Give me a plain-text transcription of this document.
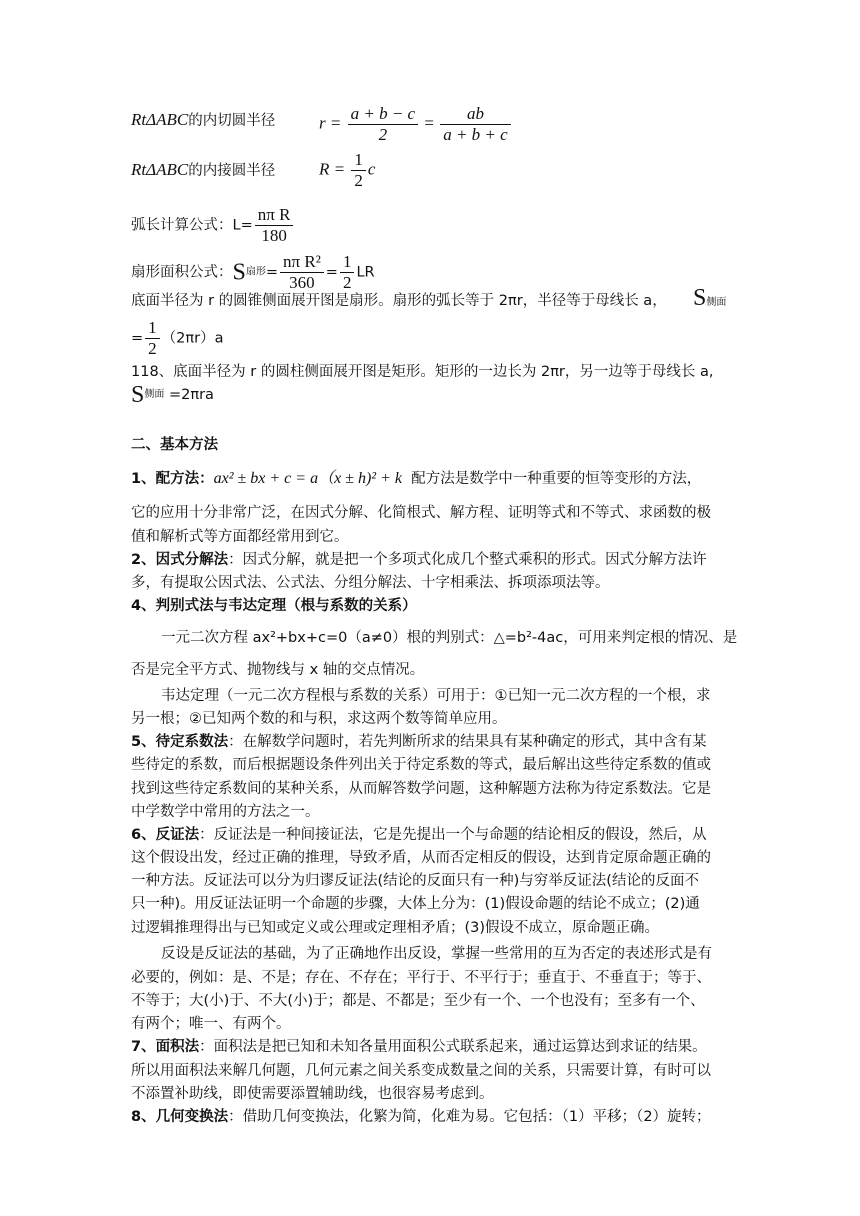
RtΔABC的内切圆半径	$r = \frac{a + b - c}{2} = \frac{ab}{a + b + c}$
RtΔABC的内接圆半径	$R = \frac{1}{2}$ c
弧长计算公式：$L= \frac{\text{nπ R}}{180}$
扇形面积公式：S扇形= $\frac{\text{nπ R²}}{360} = \frac{1}{2}$ LR
底面半径为 r 的圆锥侧面展开图是扇形。扇形的弧长等于 2πr，半径等于母线长 a， S侧面
= $\frac{1}{2} (2\pi r)a$
118、底面半径为 r 的圆柱侧面展开图是矩形。矩形的一边长为 2πr，另一边等于母线长 a,
S侧面 =2πra
二、基本方法
1、配方法：ax² ± bx + c = a（x ± h)² + k 配方法是数学中一种重要的恒等变形的方法，
它的应用十分非常广泛，在因式分解、化简根式、解方程、证明等式和不等式、求函数的极
值和解析式等方面都经常用到它。
2、因式分解法：因式分解，就是把一个多项式化成几个整式乘积的形式。因式分解方法许
多，有提取公因式法、公式法、分组分解法、十字相乘法、拆项添项法等。
4、判别式法与韦达定理（根与系数的关系）
一元二次方程 ax²+bx+c=0（a≠0）根的判别式：△=b²-4ac，可用来判定根的情况、是
否是完全平方式、抛物线与 x 轴的交点情况。
韦达定理（一元二次方程根与系数的关系）可用于：①已知一元二次方程的一个根，求
另一根；②已知两个数的和与积，求这两个数等简单应用。
5、待定系数法：在解数学问题时，若先判断所求的结果具有某种确定的形式，其中含有某
些待定的系数，而后根据题设条件列出关于待定系数的等式，最后解出这些待定系数的值或
找到这些待定系数间的某种关系，从而解答数学问题，这种解题方法称为待定系数法。它是
中学数学中常用的方法之一。
6、反证法：反证法是一种间接证法，它是先提出一个与命题的结论相反的假设，然后，从
这个假设出发，经过正确的推理，导致矛盾，从而否定相反的假设，达到肯定原命题正确的
一种方法。反证法可以分为归谬反证法(结论的反面只有一种)与穷举反证法(结论的反面不
只一种)。用反证法证明一个命题的步骤，大体上分为：(1)假设命题的结论不成立；(2)通
过逻辑推理得出与已知或定义或公理或定理相矛盾；(3)假设不成立，原命题正确。
反设是反证法的基础，为了正确地作出反设，掌握一些常用的互为否定的表述形式是有
必要的，例如：是、不是；存在、不存在；平行于、不平行于；垂直于、不垂直于；等于、
不等于；大(小)于、不大(小)于；都是、不都是；至少有一个、一个也没有；至多有一个、
有两个；唯一、有两个。
7、面积法：面积法是把已知和未知各量用面积公式联系起来，通过运算达到求证的结果。
所以用面积法来解几何题，几何元素之间关系变成数量之间的关系，只需要计算，有时可以
不添置补助线，即使需要添置辅助线，也很容易考虑到。
8、几何变换法：借助几何变换法，化繁为简，化难为易。它包括：（1）平移；（2）旋转；
